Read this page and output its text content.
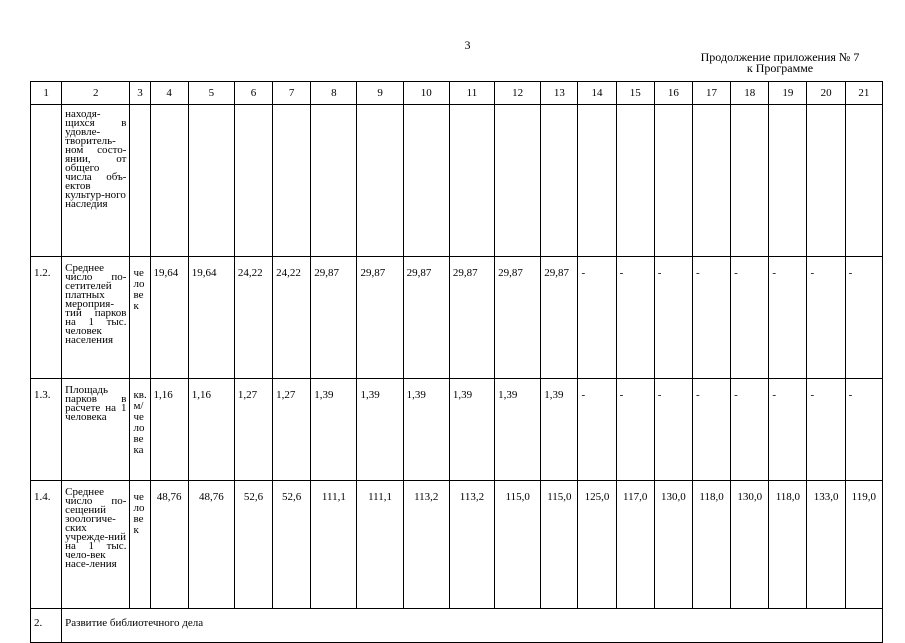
3
Продолжение приложения № 7
к Программе
1	2	3	4	5	6	7	8	9	10	11	12	13	14	15	16	17	18	19	20	21

	находя-щихся в удовле-творитель-ном состо-янии, от общего числа объ-ектов культур-ного наследия																			

1.2.	Среднее число по-сетителей платных мероприя-тий парков на 1 тыс. человек населения	человек	19,64	19,64	24,22	24,22	29,87	29,87	29,87	29,87	29,87	29,87	-	-	-	-	-	-	-	-
1.3.	Площадь парков в расчете на 1 человека	кв. м/ человека	1,16	1,16	1,27	1,27	1,39	1,39	1,39	1,39	1,39	1,39	-	-	-	-	-	-	-	-
1.4.	Среднее число по-сещений зоологиче-ских учрежде-ний на 1 тыс. чело-век насе-ления	человек	48,76	48,76	52,6	52,6	111,1	111,1	113,2	113,2	115,0	115,0	125,0	117,0	130,0	118,0	130,0	118,0	133,0	119,0
2.	Развитие библиотечного дела																			
